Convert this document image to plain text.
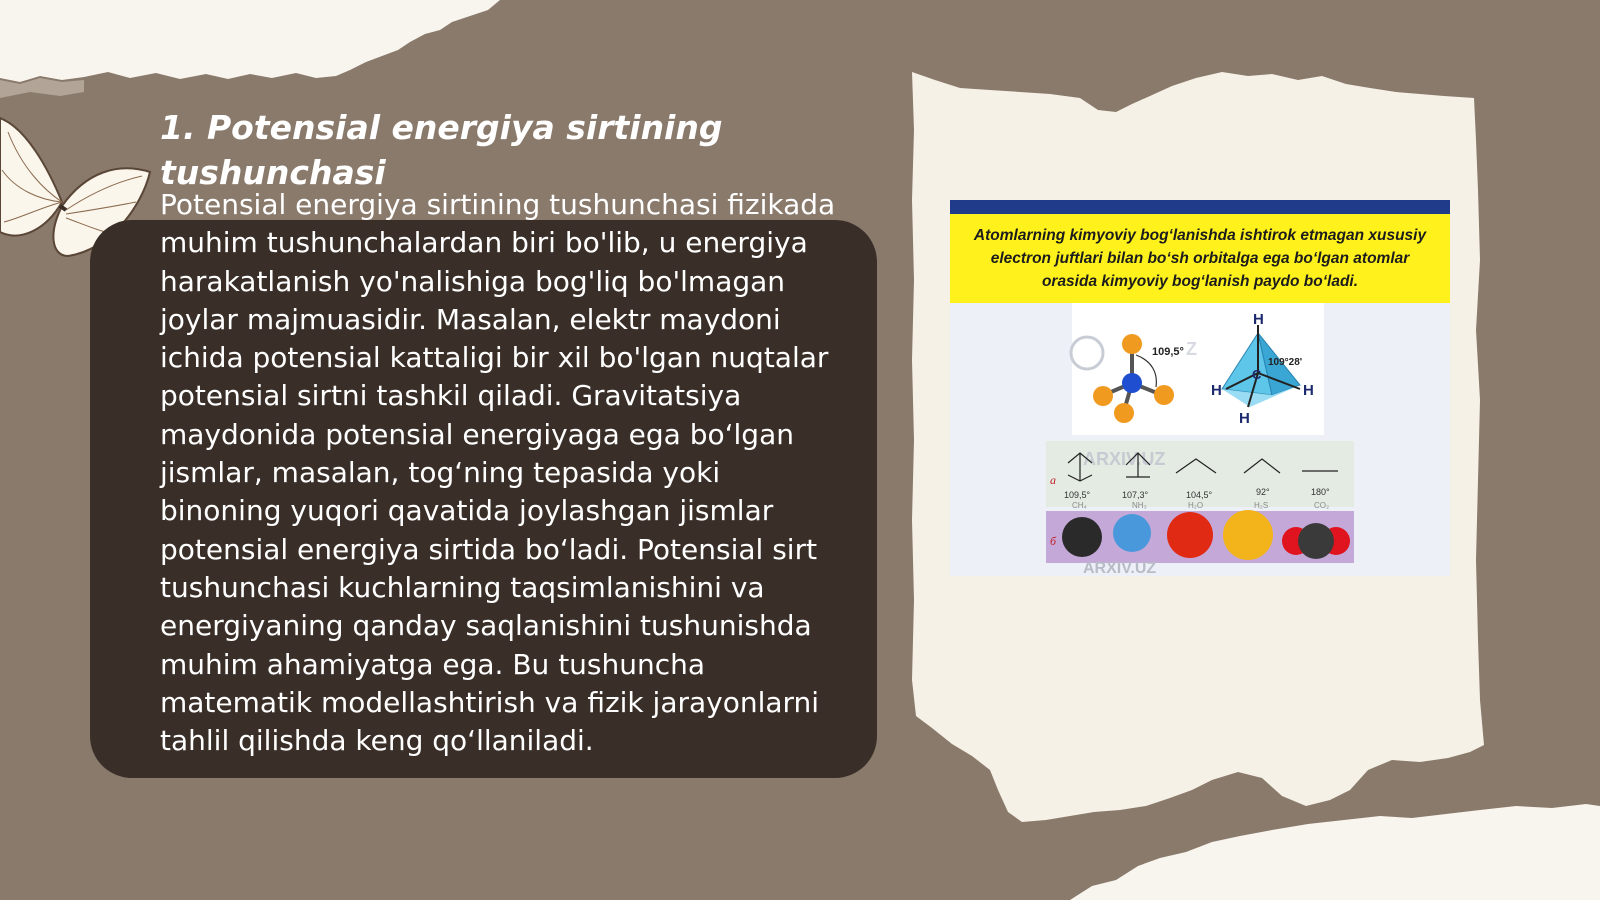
1. Potensial energiya sirtining tushunchasi

Potensial energiya sirtining tushunchasi fizikada muhim tushunchalardan biri bo'lib, u energiya harakatlanish yo'nalishiga bog'liq bo'lmagan joylar majmuasidir. Masalan, elektr maydoni ichida potensial kattaligi bir xil bo'lgan nuqtalar potensial sirtni tashkil qiladi. Gravitatsiya maydonida potensial energiyaga ega bo‘lgan jismlar, masalan, tog‘ning tepasida yoki binoning yuqori qavatida joylashgan jismlar potensial energiya sirtida bo‘ladi. Potensial sirt tushunchasi kuchlarning taqsimlanishini va energiyaning qanday saqlanishini tushunishda muhim ahamiyatga ega. Bu tushuncha matematik modellashtirish va fizik jarayonlarni tahlil qilishda keng qo‘llaniladi.

Atomlarning kimyoviy bog‘lanishda ishtirok etmagan xususiy electron juftlari bilan bo‘sh orbitalga ega bo‘lgan atomlar orasida kimyoviy bog‘lanish paydo bo‘ladi.
109,5° Z
H
H	H
H
C
109°28'
ARXIV.UZ
a
109,5°	107,3°	104,5°	92°	180°
CH₄	NH₃	H₂O	H₂S	CO₂
б
ARXIV.UZ
